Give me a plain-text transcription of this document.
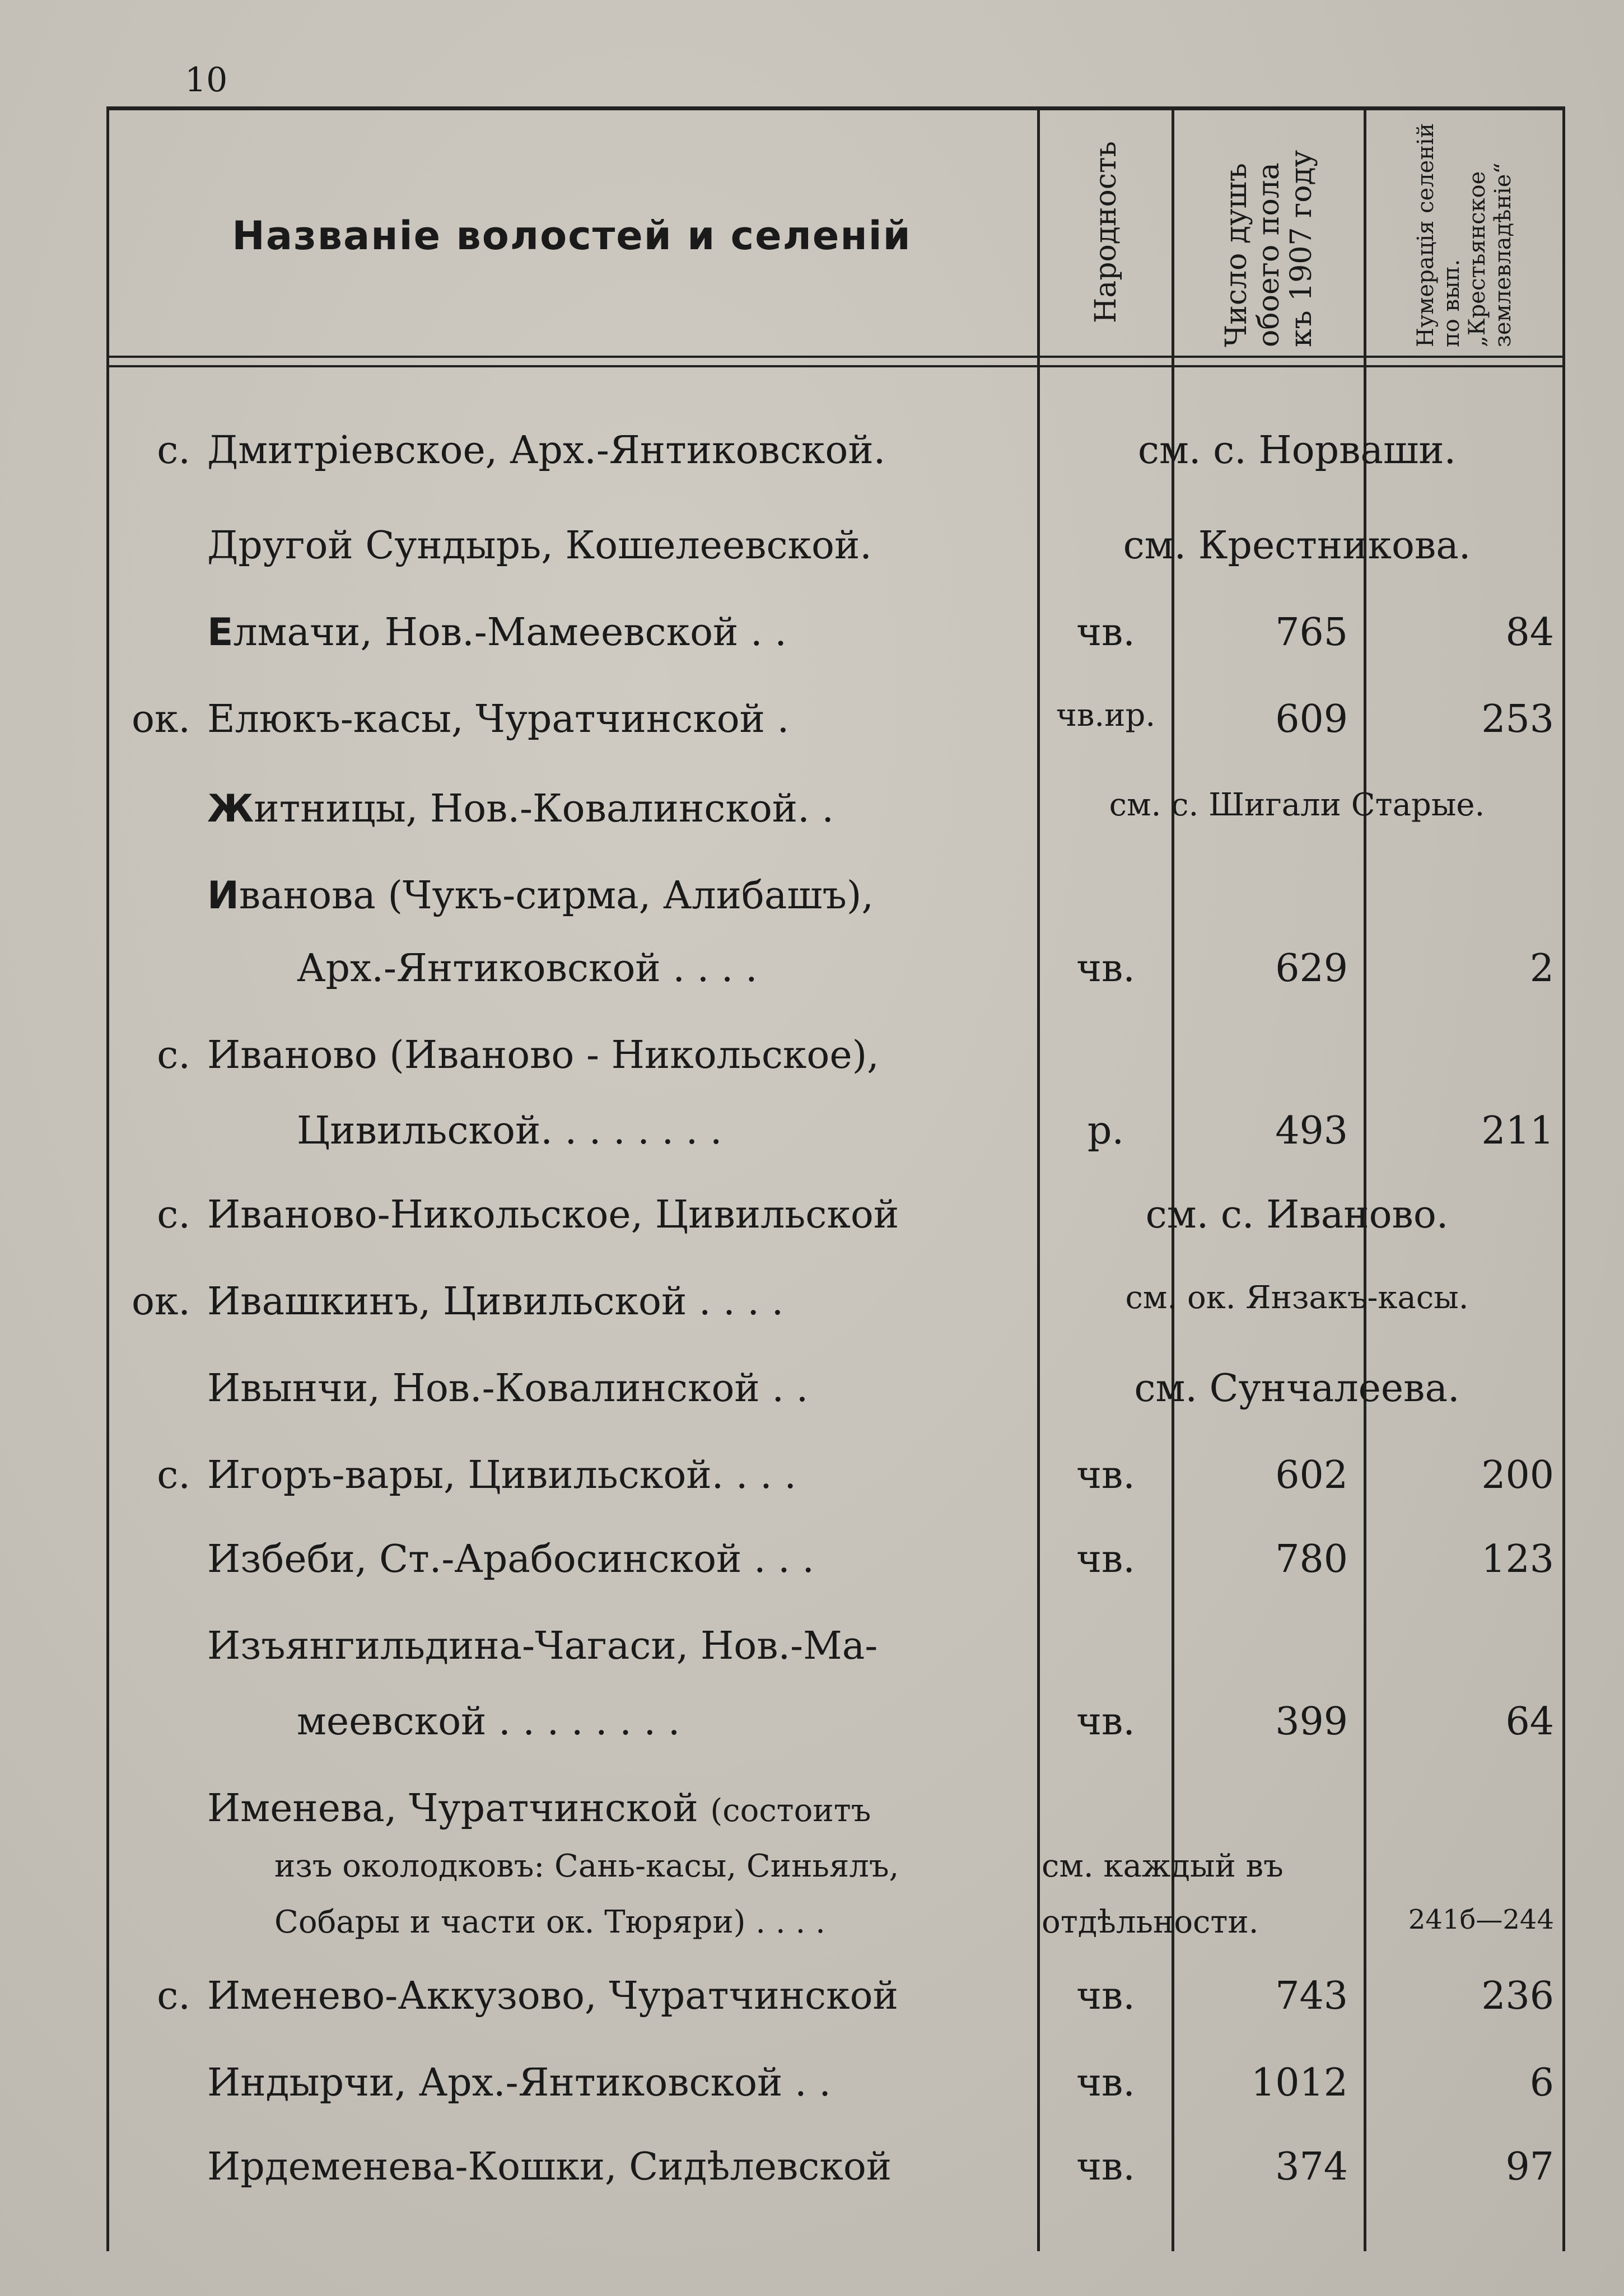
10
Названіе волостей и селеній	Народность	Число душъ обоего пола къ 1907 году	Нумерація селеній по вып. „Крестьянское землевладѣніе“
с. Дмитріевское, Арх.-Янтиковской.	см. с. Норваши.
Другой Сундырь, Кошелеевской.	см. Крестникова.
Елмачи, Нов.-Мамеевской . .	чв.	765	84
ок. Елюкъ-касы, Чуратчинской .	чв.ир.	609	253
Житницы, Нов.-Ковалинской. .	см. с. Шигали Старые.
Иванова (Чукъ-сирма, Алибашъ),
Арх.-Янтиковской . . . .	чв.	629	2
с. Иваново (Иваново - Никольское),
Цивильской. . . . . . . .	р.	493	211
с. Иваново-Никольское, Цивильской	см. с. Иваново.
ок. Ивашкинъ, Цивильской . . . .	см. ок. Янзакъ-касы.
Ивынчи, Нов.-Ковалинской . .	см. Сунчалеева.
с. Игоръ-вары, Цивильской. . . .	чв.	602	200
Избеби, Ст.-Арабосинской . . .	чв.	780	123
Изъянгильдина-Чагаси, Нов.-Ма-
меевской . . . . . . . .	чв.	399	64
Именева, Чуратчинской (состоитъ
изъ околодковъ: Сань-касы, Синьялъ,	см. каждый въ
Собары и части ок. Тюряри) . . . .	отдѣльности.	241б—244
с. Именево-Аккузово, Чуратчинской	чв.	743	236
Индырчи, Арх.-Янтиковской . .	чв.	1012	6
Ирдеменева-Кошки, Сидѣлевской	чв.	374	97
